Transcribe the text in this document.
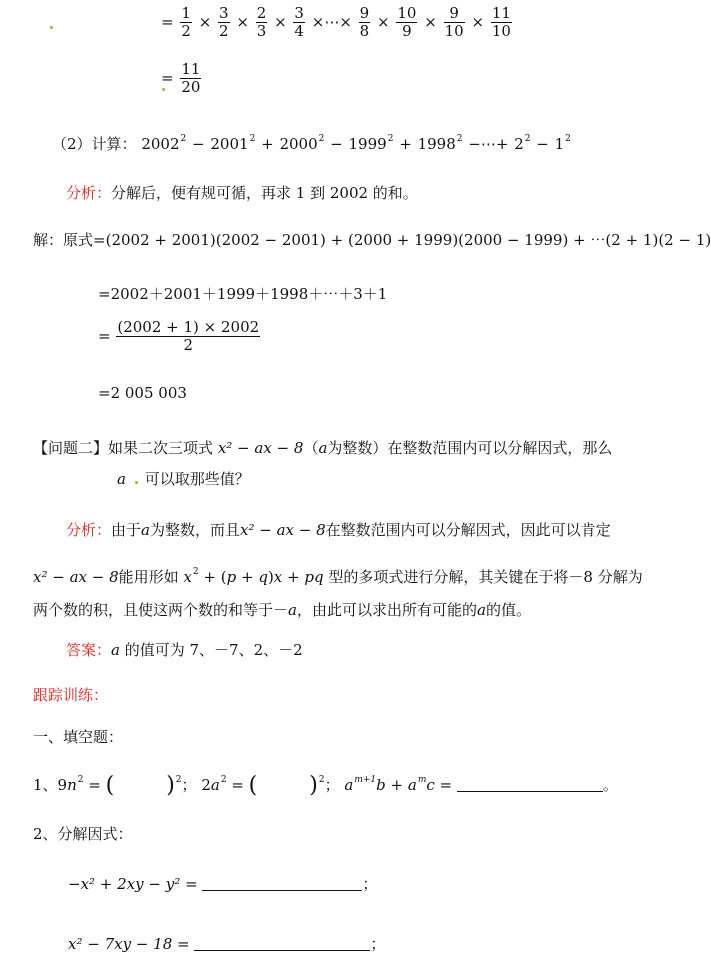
= $\frac{1}{2} \times \frac{3}{2} \times \frac{2}{3} \times \frac{3}{4}$ ×⋯× $\frac{9}{8} \times \frac{10}{9} \times \frac{9}{10} \times \frac{11}{10}$
= $\frac{11}{20}$
（2）计算： $2002^2 - 2001^2 + 2000^2 - 1999^2 + 1998^2$ −⋯+ $2^2 - 1^2$
分析：分解后，便有规可循，再求 1 到 2002 的和。
解：原式=(2002 + 2001)(2002 − 2001) + (2000 + 1999)(2000 − 1999) + ⋯(2 + 1)(2 − 1)
=2002＋2001＋1999＋1998＋⋯＋3＋1
= $\frac{(2002 + 1) \times 2002}{2}$
=2 005 003
【问题二】如果二次三项式 x² − ax − 8（a为整数）在整数范围内可以分解因式，那么
a 可以取那些值？
分析：由于a为整数，而且x² − ax − 8在整数范围内可以分解因式，因此可以肯定
x² − ax − 8能用形如 $x^2 + (p + q)x$ + pq 型的多项式进行分解，其关键在于将－8 分解为
两个数的积，且使这两个数的和等于－a，由此可以求出所有可能的a的值。
答案：a 的值可为 7、－7、2、－2
跟踪训练：
一、填空题：
1、$9n^2$ = ( )$^2$； $2a^2$ = ( )$^2$； $a^{m+1}b + a^mc$ =	。
2、分解因式：
−x² + 2xy − y² =	；
x² − 7xy − 18 =	；
